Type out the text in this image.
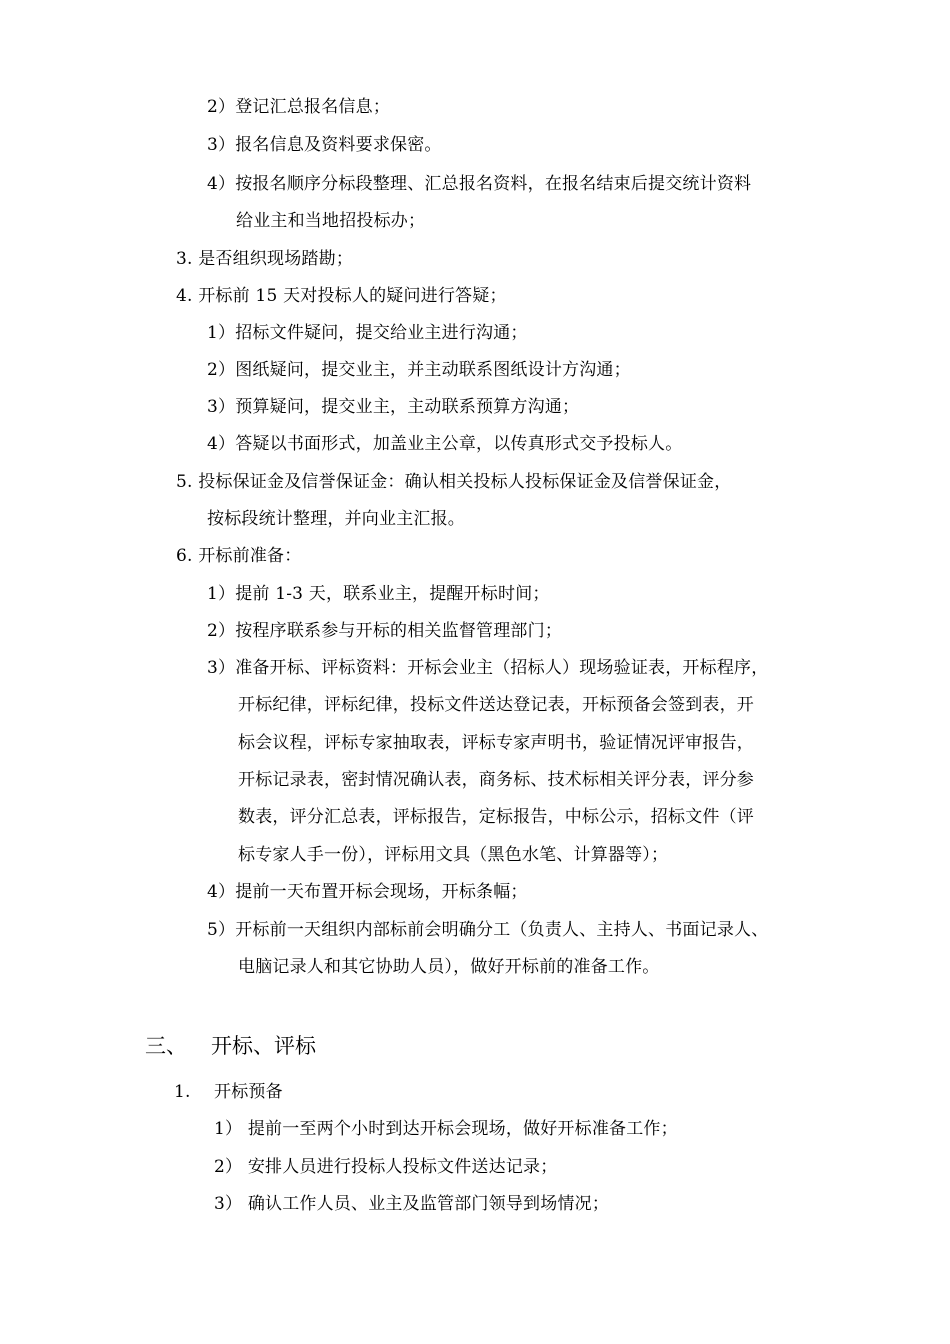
2）登记汇总报名信息；
3）报名信息及资料要求保密。
4）按报名顺序分标段整理、汇总报名资料，在报名结束后提交统计资料
给业主和当地招投标办；
3. 是否组织现场踏勘；
4. 开标前 15 天对投标人的疑问进行答疑；
1）招标文件疑问，提交给业主进行沟通；
2）图纸疑问，提交业主，并主动联系图纸设计方沟通；
3）预算疑问，提交业主，主动联系预算方沟通；
4）答疑以书面形式，加盖业主公章，以传真形式交予投标人。
5. 投标保证金及信誉保证金：确认相关投标人投标保证金及信誉保证金，
按标段统计整理，并向业主汇报。
6. 开标前准备：
1）提前 1-3 天，联系业主，提醒开标时间；
2）按程序联系参与开标的相关监督管理部门；
3）准备开标、评标资料：开标会业主（招标人）现场验证表，开标程序，
开标纪律，评标纪律，投标文件送达登记表，开标预备会签到表，开
标会议程，评标专家抽取表，评标专家声明书，验证情况评审报告，
开标记录表，密封情况确认表，商务标、技术标相关评分表，评分参
数表，评分汇总表，评标报告，定标报告，中标公示，招标文件（评
标专家人手一份），评标用文具（黑色水笔、计算器等）；
4）提前一天布置开标会现场，开标条幅；
5）开标前一天组织内部标前会明确分工（负责人、主持人、书面记录人、
电脑记录人和其它协助人员），做好开标前的准备工作。
三、 开标、评标
1. 开标预备
1） 提前一至两个小时到达开标会现场，做好开标准备工作；
2） 安排人员进行投标人投标文件送达记录；
3） 确认工作人员、业主及监管部门领导到场情况；
